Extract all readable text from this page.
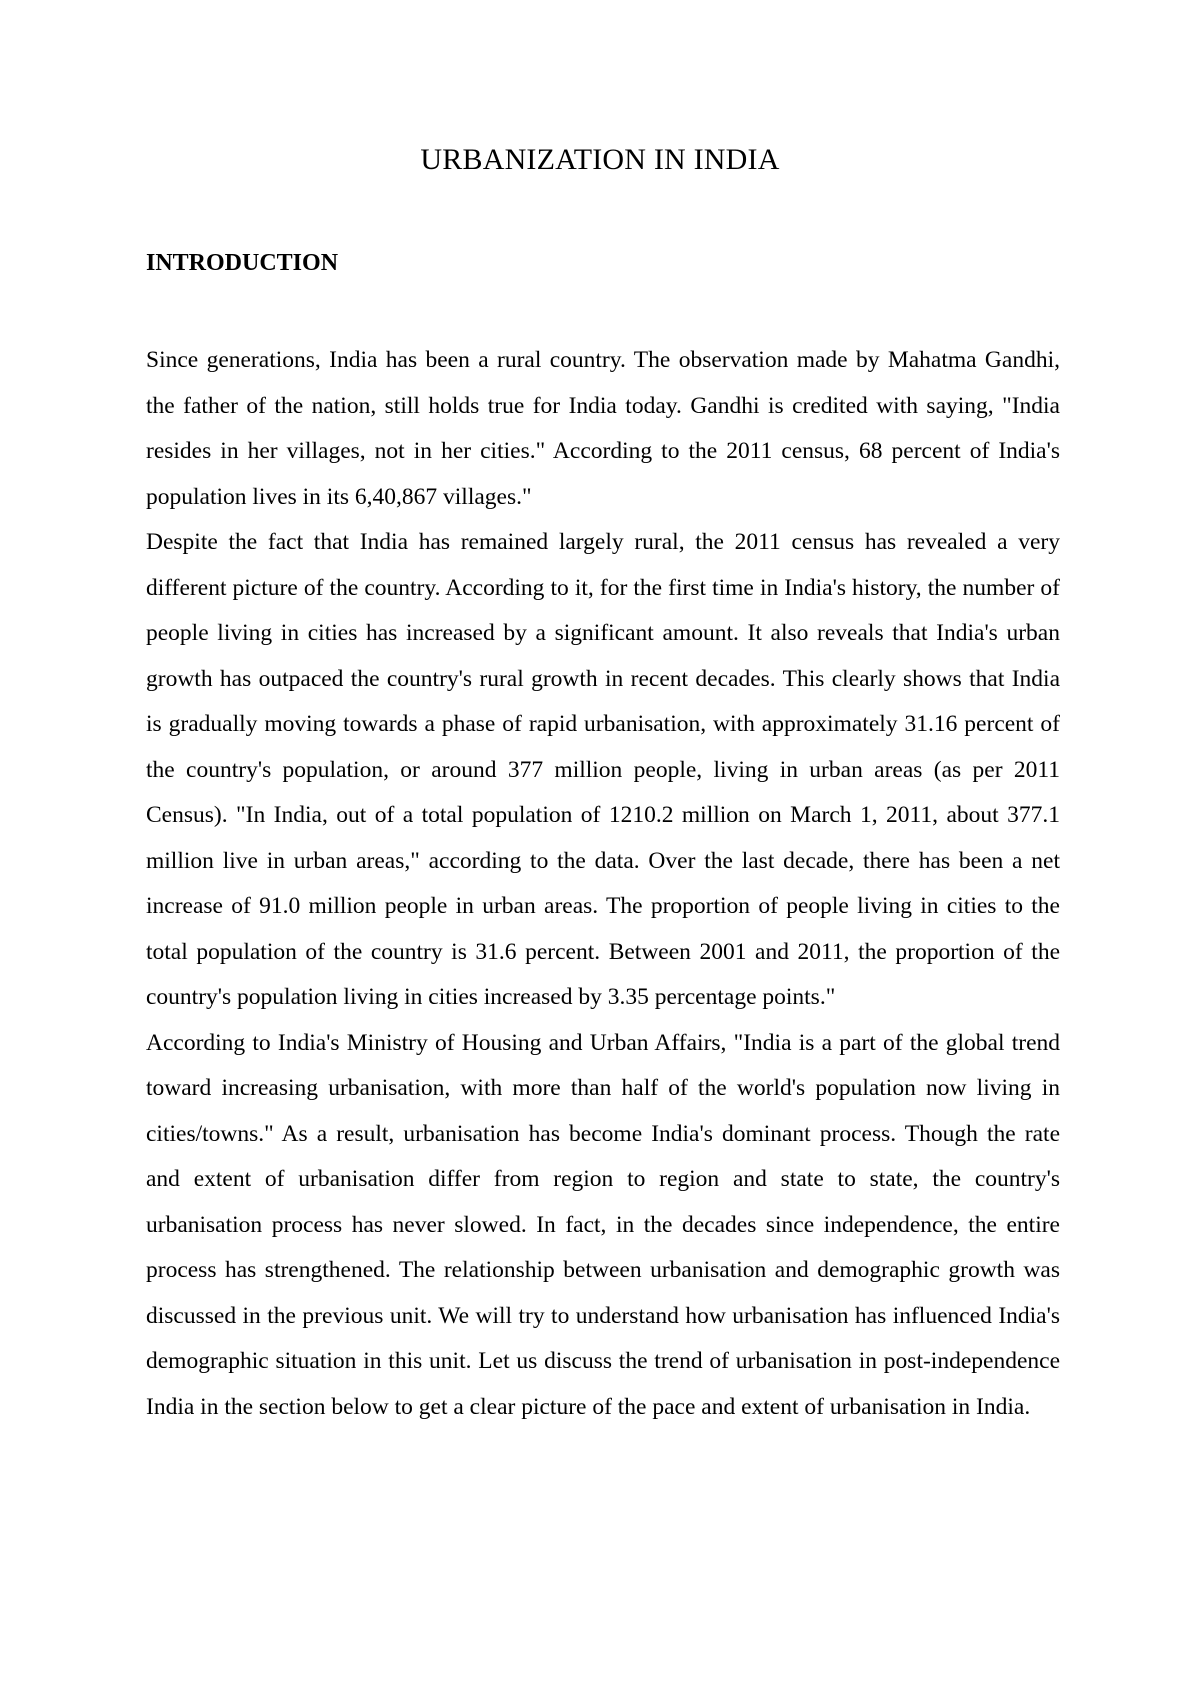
URBANIZATION IN INDIA
INTRODUCTION

Since generations, India has been a rural country. The observation made by Mahatma Gandhi, the father of the nation, still holds true for India today. Gandhi is credited with saying, "India resides in her villages, not in her cities." According to the 2011 census, 68 percent of India's population lives in its 6,40,867 villages."

Despite the fact that India has remained largely rural, the 2011 census has revealed a very different picture of the country. According to it, for the first time in India's history, the number of people living in cities has increased by a significant amount. It also reveals that India's urban growth has outpaced the country's rural growth in recent decades. This clearly shows that India is gradually moving towards a phase of rapid urbanisation, with approximately 31.16 percent of the country's population, or around 377 million people, living in urban areas (as per 2011 Census). "In India, out of a total population of 1210.2 million on March 1, 2011, about 377.1 million live in urban areas," according to the data. Over the last decade, there has been a net increase of 91.0 million people in urban areas. The proportion of people living in cities to the total population of the country is 31.6 percent. Between 2001 and 2011, the proportion of the country's population living in cities increased by 3.35 percentage points."

According to India's Ministry of Housing and Urban Affairs, "India is a part of the global trend toward increasing urbanisation, with more than half of the world's population now living in cities/towns." As a result, urbanisation has become India's dominant process. Though the rate and extent of urbanisation differ from region to region and state to state, the country's urbanisation process has never slowed. In fact, in the decades since independence, the entire process has strengthened. The relationship between urbanisation and demographic growth was discussed in the previous unit. We will try to understand how urbanisation has influenced India's demographic situation in this unit. Let us discuss the trend of urbanisation in post-independence India in the section below to get a clear picture of the pace and extent of urbanisation in India.
